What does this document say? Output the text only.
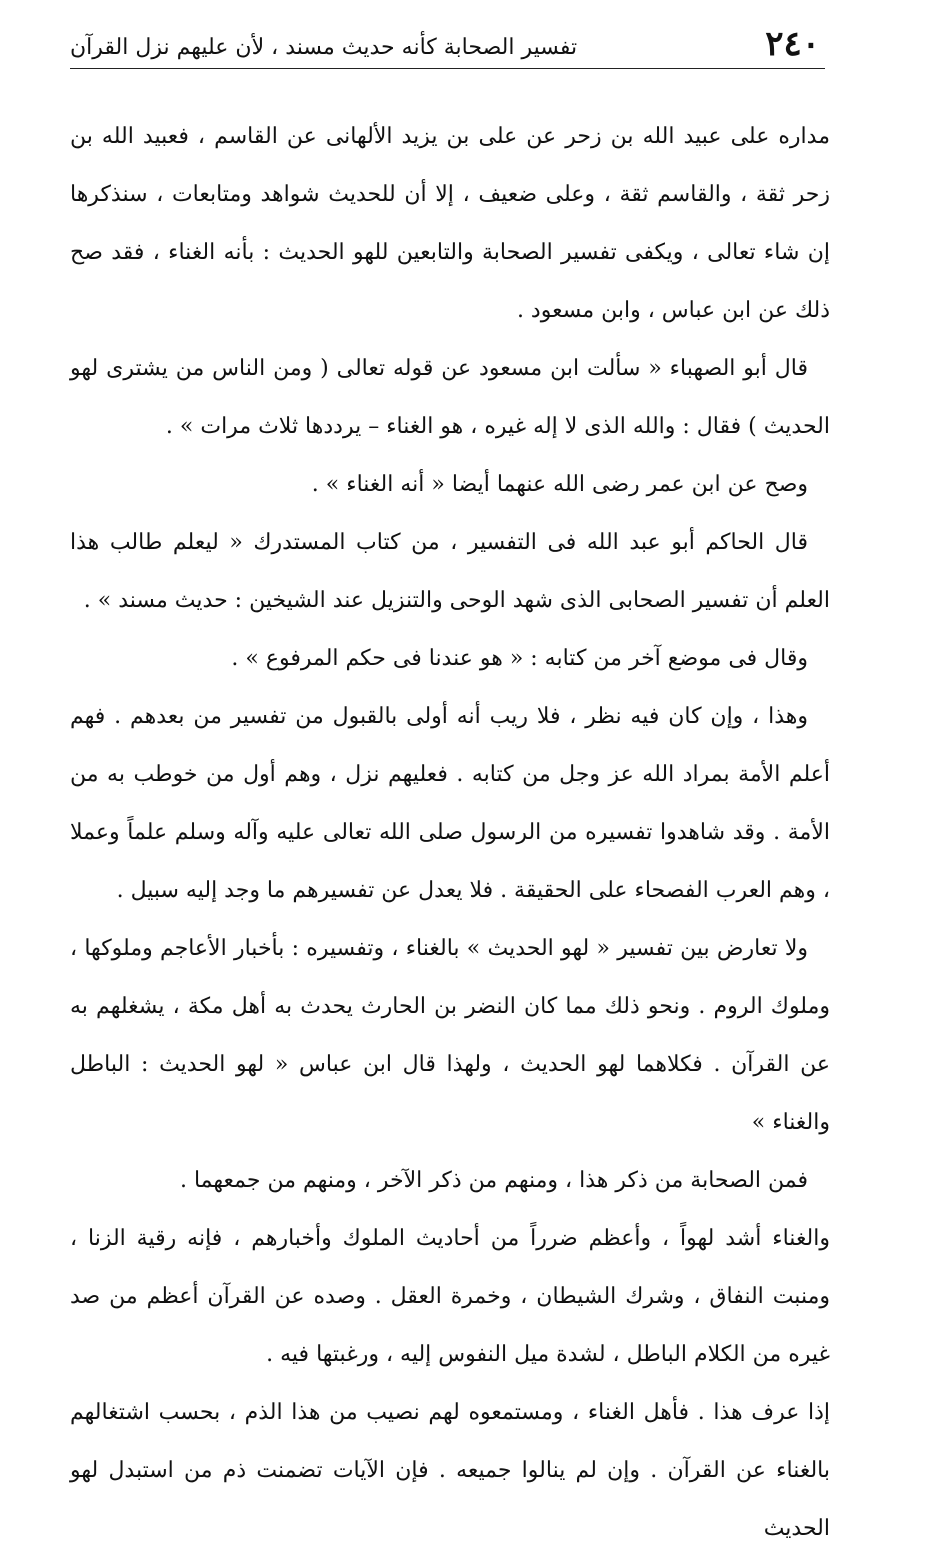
٢٤٠
تفسير الصحابة كأنه حديث مسند ، لأن عليهم نزل القرآن

مداره على عبيد الله بن زحر عن على بن يزيد الألهانى عن القاسم ، فعبيد الله بن زحر ثقة ، والقاسم ثقة ، وعلى ضعيف ، إلا أن للحديث شواهد ومتابعات ، سنذكرها إن شاء تعالى ، ويكفى تفسير الصحابة والتابعين للهو الحديث : بأنه الغناء ، فقد صح ذلك عن ابن عباس ، وابن مسعود .

قال أبو الصهباء « سألت ابن مسعود عن قوله تعالى ( ومن الناس من يشترى لهو الحديث ) فقال : والله الذى لا إله غيره ، هو الغناء – يرددها ثلاث مرات » .

وصح عن ابن عمر رضى الله عنهما أيضا « أنه الغناء » .

قال الحاكم أبو عبد الله فى التفسير ، من كتاب المستدرك « ليعلم طالب هذا العلم أن تفسير الصحابى الذى شهد الوحى والتنزيل عند الشيخين : حديث مسند » .

وقال فى موضع آخر من كتابه : « هو عندنا فى حكم المرفوع » .

وهذا ، وإن كان فيه نظر ، فلا ريب أنه أولى بالقبول من تفسير من بعدهم . فهم أعلم الأمة بمراد الله عز وجل من كتابه . فعليهم نزل ، وهم أول من خوطب به من الأمة . وقد شاهدوا تفسيره من الرسول صلى الله تعالى عليه وآله وسلم علماً وعملا ، وهم العرب الفصحاء على الحقيقة . فلا يعدل عن تفسيرهم ما وجد إليه سبيل .

ولا تعارض بين تفسير « لهو الحديث » بالغناء ، وتفسيره : بأخبار الأعاجم وملوكها ، وملوك الروم . ونحو ذلك مما كان النضر بن الحارث يحدث به أهل مكة ، يشغلهم به عن القرآن . فكلاهما لهو الحديث ، ولهذا قال ابن عباس « لهو الحديث : الباطل والغناء »

فمن الصحابة من ذكر هذا ، ومنهم من ذكر الآخر ، ومنهم من جمعهما .

والغناء أشد لهواً ، وأعظم ضرراً من أحاديث الملوك وأخبارهم ، فإنه رقية الزنا ، ومنبت النفاق ، وشرك الشيطان ، وخمرة العقل . وصده عن القرآن أعظم من صد غيره من الكلام الباطل ، لشدة ميل النفوس إليه ، ورغبتها فيه .

إذا عرف هذا . فأهل الغناء ، ومستمعوه لهم نصيب من هذا الذم ، بحسب اشتغالهم بالغناء عن القرآن . وإن لم ينالوا جميعه . فإن الآيات تضمنت ذم من استبدل لهو الحديث
